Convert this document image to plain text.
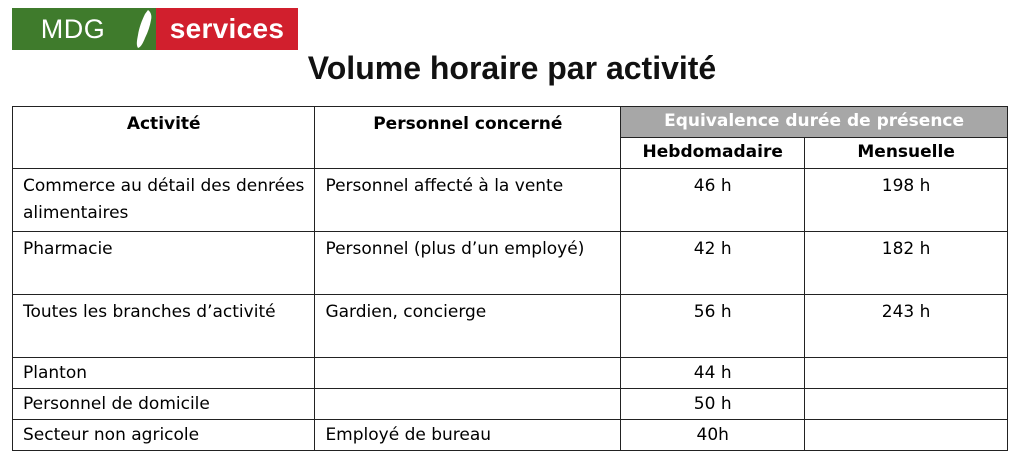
MDG	services
Volume horaire par activité
Activité	Personnel concerné	Equivalence durée de présence	
		Hebdomadaire	Mensuelle
Commerce au détail des denrées alimentaires	Personnel affecté à la vente	46 h	198 h
Pharmacie	Personnel (plus d’un employé)	42 h	182 h
Toutes les branches d’activité	Gardien, concierge	56 h	243 h
Planton		44 h	
Personnel de domicile		50 h	
Secteur non agricole	Employé de bureau	40h	
